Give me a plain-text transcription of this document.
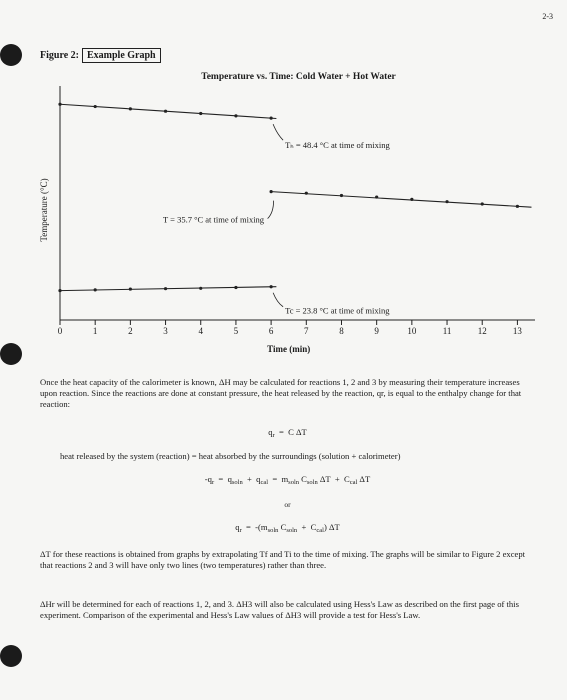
2-3
Figure 2: Example Graph
Temperature vs. Time: Cold Water + Hot Water
0	1	2	3	4	5	6	7	8	9	10	11	12	13
Time (min)
Temperature (°C)
Tₕ = 48.4 °C at time of mixing
T = 35.7 °C at time of mixing
Tc = 23.8 °C at time of mixing
Once the heat capacity of the calorimeter is known, ΔH may be calculated for reactions 1, 2 and 3 by measuring their temperature increases upon reaction. Since the reactions are done at constant pressure, the heat released by the reaction, qr, is equal to the enthalpy change for that reaction:
$q_r = C$ ΔT
heat released by the system (reaction) = heat absorbed by the surroundings (solution + calorimeter)
$-q_r = q_{soln} + q_{cal} = m_{soln}$ $C_{soln}$ $\Delta T + C_{cal}$ ΔT
or
$q_r = -(m_{soln}$ $C_{soln} + C_{cal}$) ΔT
ΔT for these reactions is obtained from graphs by extrapolating Tf and Ti to the time of mixing. The graphs will be similar to Figure 2 except that reactions 2 and 3 will have only two lines (two temperatures) rather than three.
ΔHr will be determined for each of reactions 1, 2, and 3. ΔH3 will also be calculated using Hess's Law as described on the first page of this experiment. Comparison of the experimental and Hess's Law values of ΔH3 will provide a test for Hess's Law.
